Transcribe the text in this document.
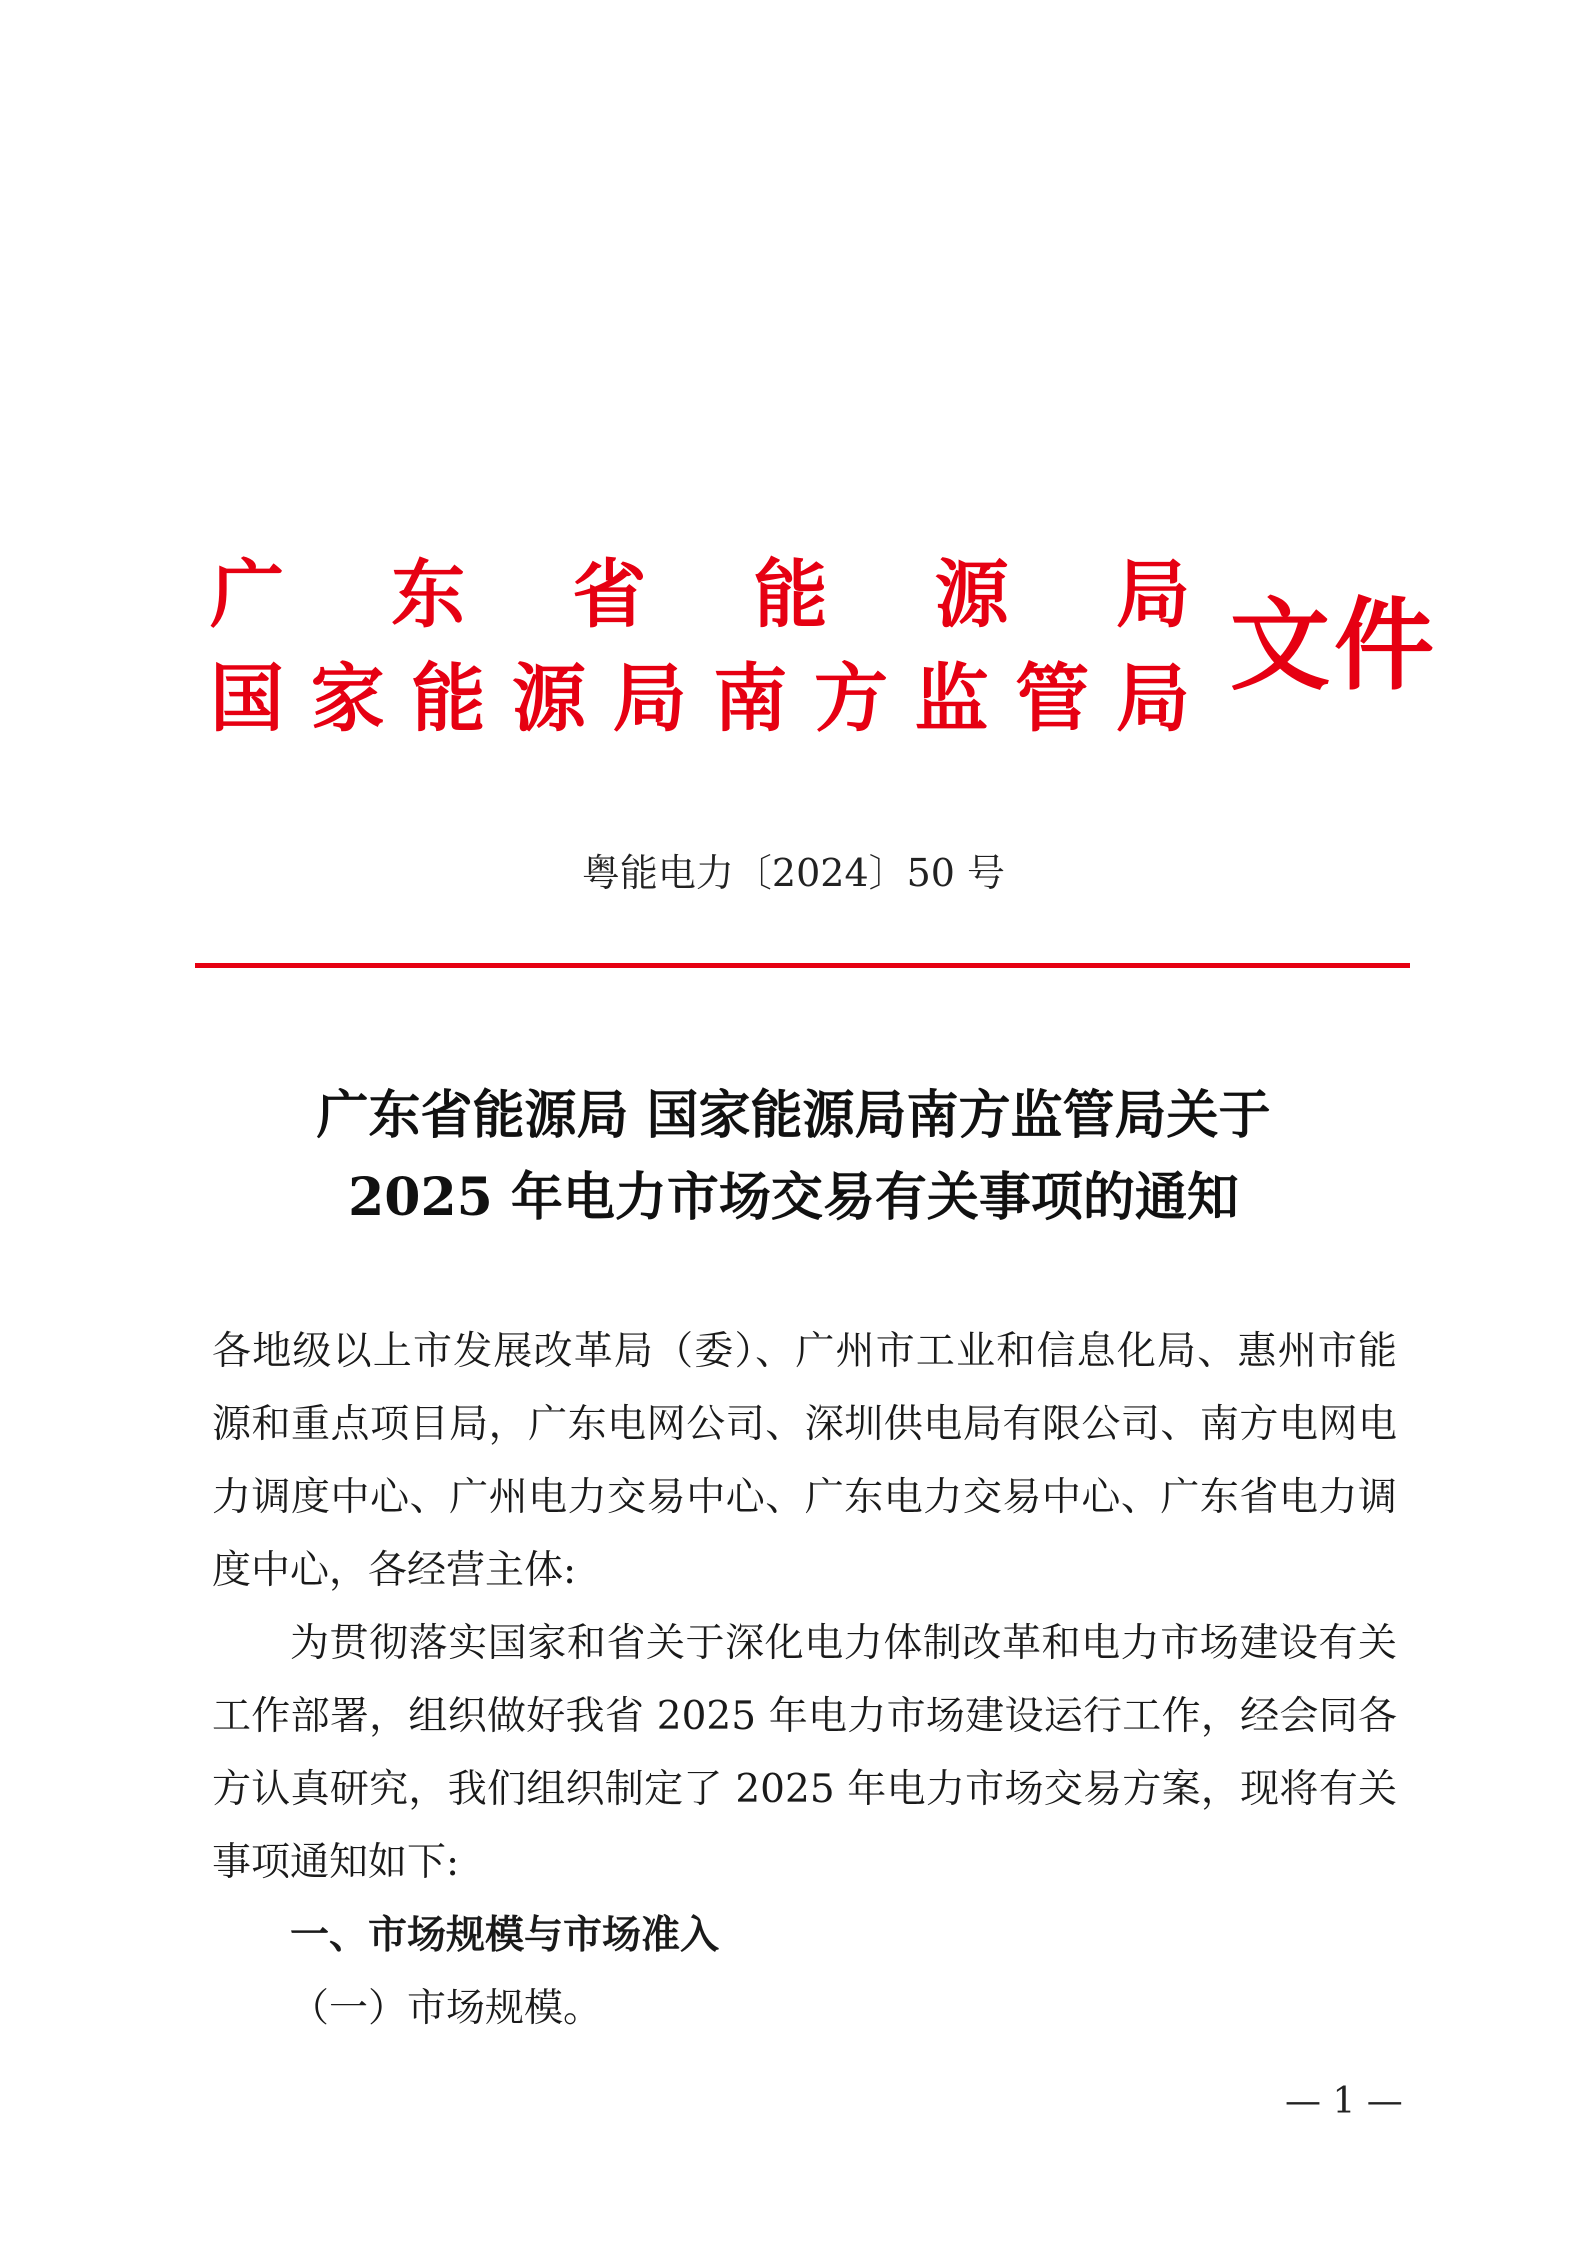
广 东 省 能 源 局
国 家 能 源 局 南 方 监 管 局 文件
粤能电力〔2024〕50 号
广东省能源局 国家能源局南方监管局关于
2025 年电力市场交易有关事项的通知

各地级以上市发展改革局（委）、广州市工业和信息化局、惠州市能源和重点项目局，广东电网公司、深圳供电局有限公司、南方电网电力调度中心、广州电力交易中心、广东电力交易中心、广东省电力调度中心，各经营主体:

为贯彻落实国家和省关于深化电力体制改革和电力市场建设有关工作部署，组织做好我省 2025 年电力市场建设运行工作，经会同各方认真研究，我们组织制定了 2025 年电力市场交易方案，现将有关事项通知如下:

一、市场规模与市场准入

（一）市场规模。

— 1 —
